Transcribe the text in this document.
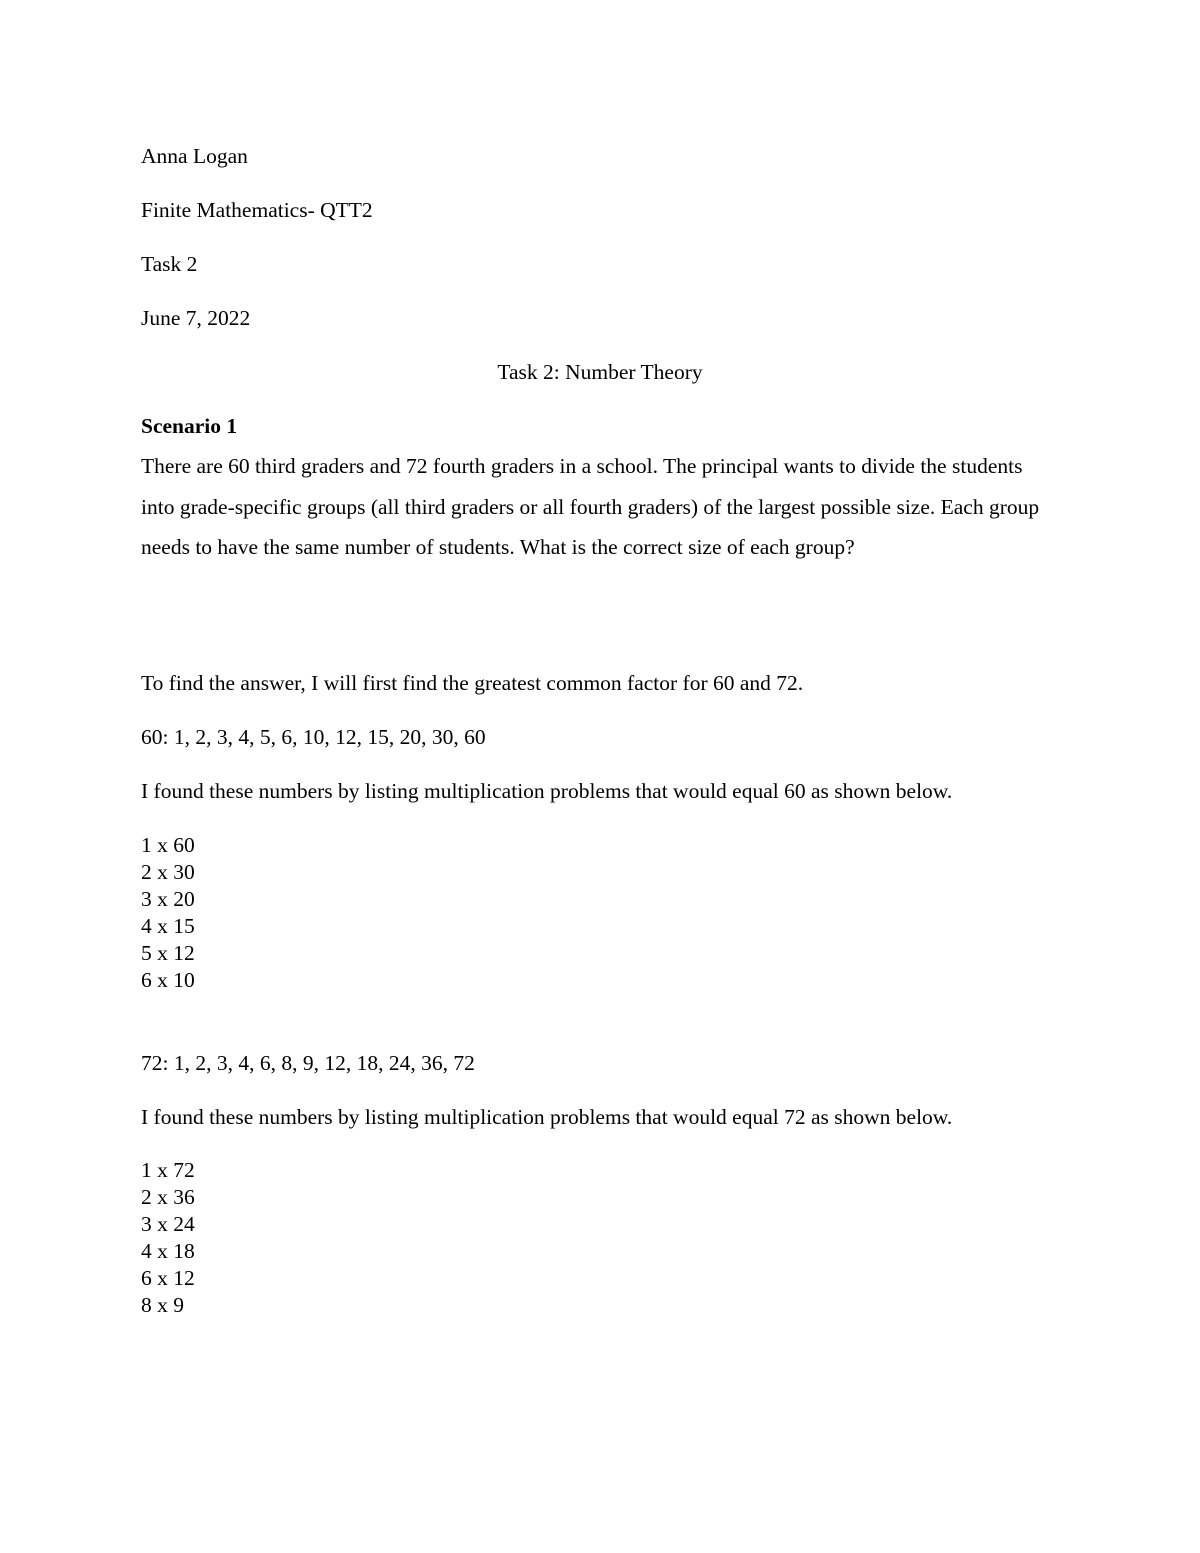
Anna Logan
Finite Mathematics- QTT2
Task 2
June 7, 2022
Task 2: Number Theory
Scenario 1
There are 60 third graders and 72 fourth graders in a school. The principal wants to divide the students into grade-specific groups (all third graders or all fourth graders) of the largest possible size. Each group needs to have the same number of students. What is the correct size of each group?
To find the answer, I will first find the greatest common factor for 60 and 72.
60: 1, 2, 3, 4, 5, 6, 10, 12, 15, 20, 30, 60
I found these numbers by listing multiplication problems that would equal 60 as shown below.
1 x 60
2 x 30
3 x 20
4 x 15
5 x 12
6 x 10
72: 1, 2, 3, 4, 6, 8, 9, 12, 18, 24, 36, 72
I found these numbers by listing multiplication problems that would equal 72 as shown below.
1 x 72
2 x 36
3 x 24
4 x 18
6 x 12
8 x 9
